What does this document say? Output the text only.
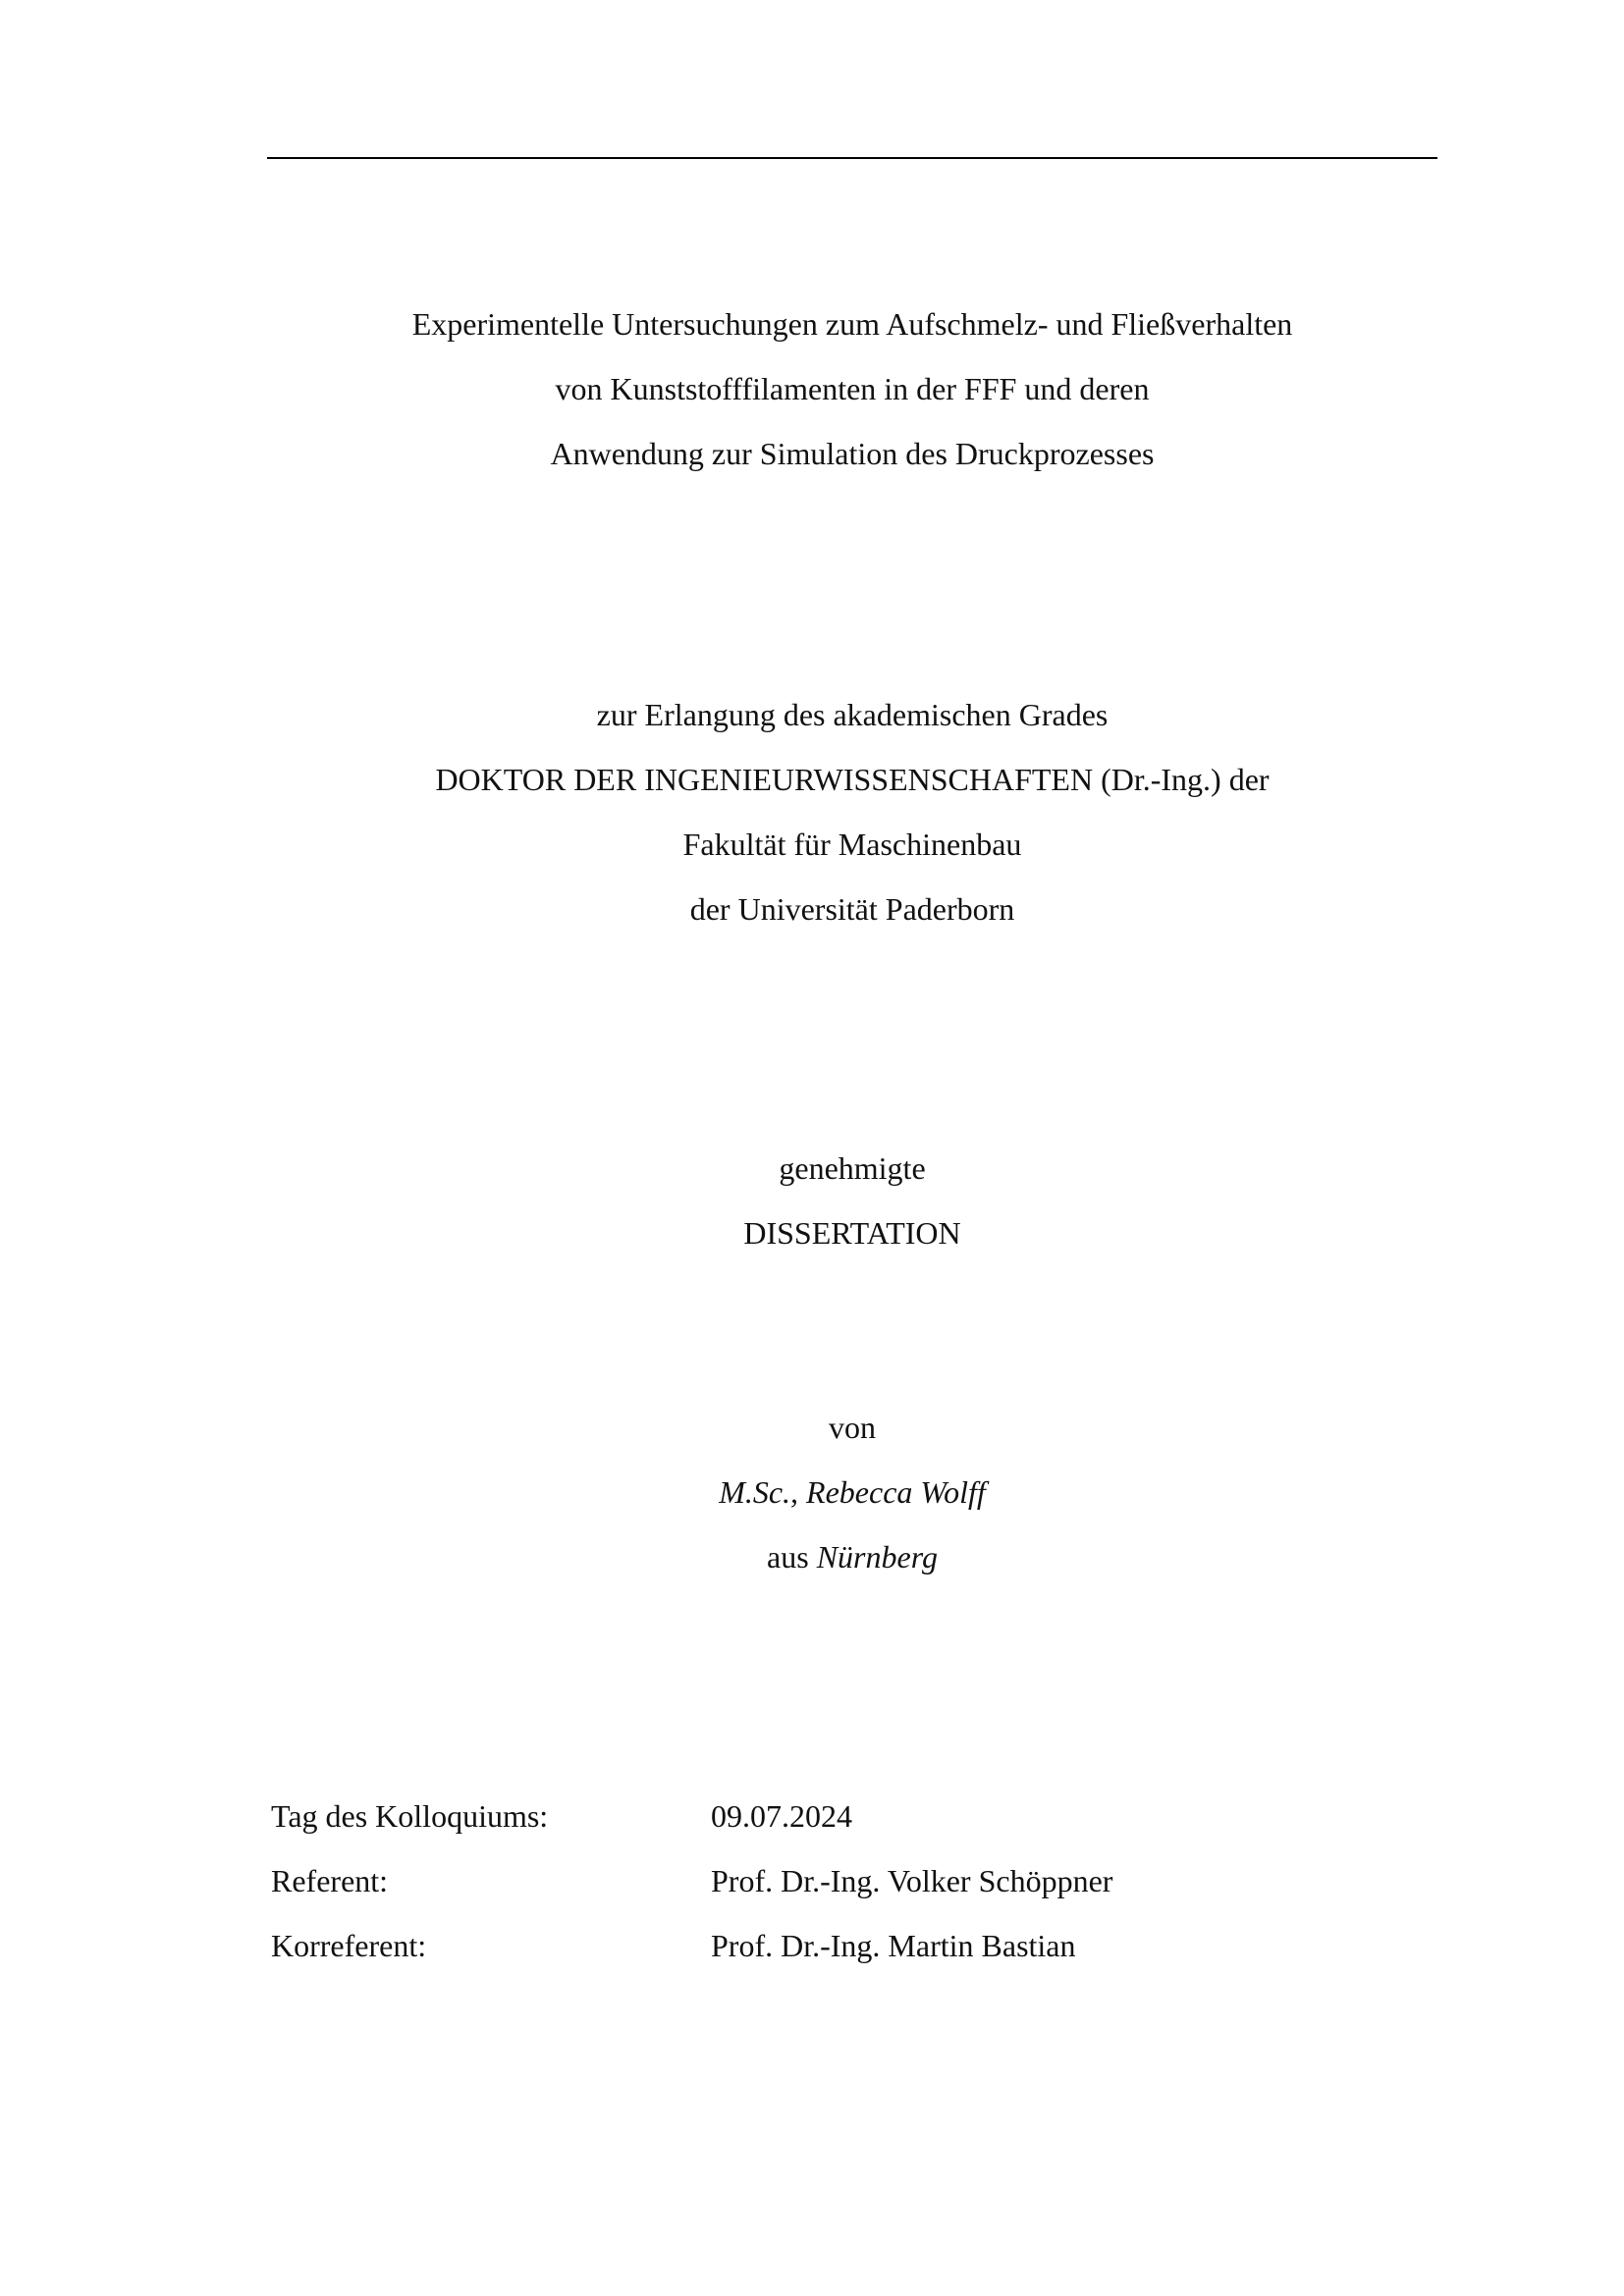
Experimentelle Untersuchungen zum Aufschmelz- und Fließverhalten
von Kunststofffilamenten in der FFF und deren
Anwendung zur Simulation des Druckprozesses
zur Erlangung des akademischen Grades
DOKTOR DER INGENIEURWISSENSCHAFTEN (Dr.-Ing.) der
Fakultät für Maschinenbau
der Universität Paderborn
genehmigte
DISSERTATION
von
M.Sc., Rebecca Wolff
aus Nürnberg
Tag des Kolloquiums:	09.07.2024
Referent:	Prof. Dr.-Ing. Volker Schöppner
Korreferent:	Prof. Dr.-Ing. Martin Bastian
